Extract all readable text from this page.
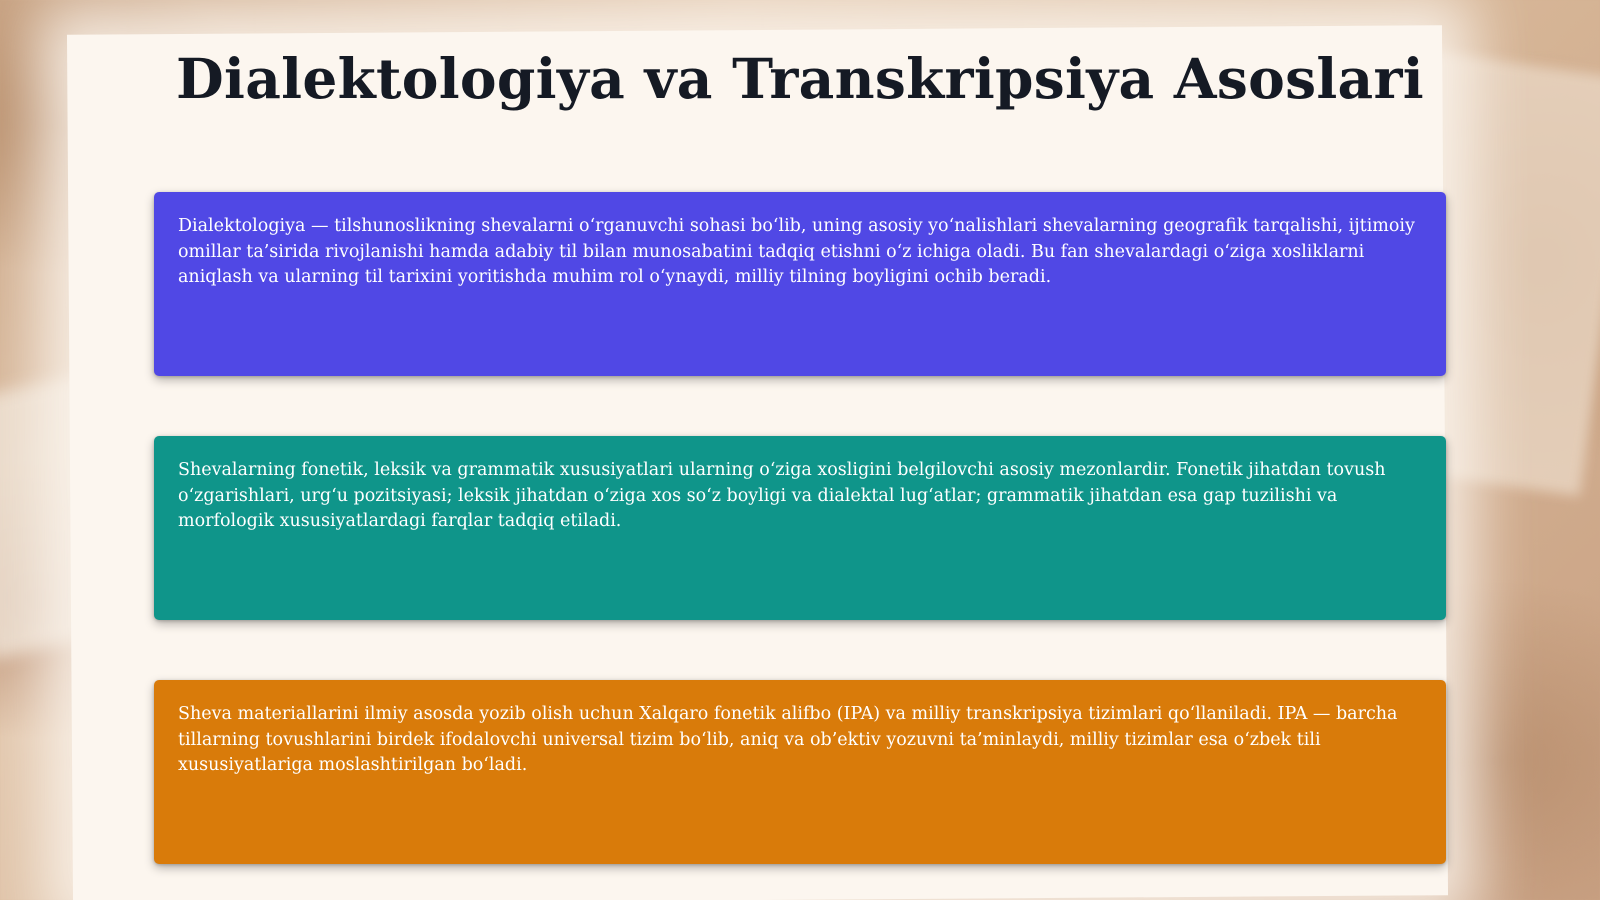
Dialektologiya va Transkripsiya Asoslari

Dialektologiya — tilshunoslikning shevalarni o‘rganuvchi sohasi bo‘lib, uning asosiy yo‘nalishlari shevalarning geografik tarqalishi, ijtimoiy omillar ta’sirida rivojlanishi hamda adabiy til bilan munosabatini tadqiq etishni o‘z ichiga oladi. Bu fan shevalardagi o‘ziga xosliklarni aniqlash va ularning til tarixini yoritishda muhim rol o‘ynaydi, milliy tilning boyligini ochib beradi.

Shevalarning fonetik, leksik va grammatik xususiyatlari ularning o‘ziga xosligini belgilovchi asosiy mezonlardir. Fonetik jihatdan tovush o‘zgarishlari, urg‘u pozitsiyasi; leksik jihatdan o‘ziga xos so‘z boyligi va dialektal lug‘atlar; grammatik jihatdan esa gap tuzilishi va morfologik xususiyatlardagi farqlar tadqiq etiladi.

Sheva materiallarini ilmiy asosda yozib olish uchun Xalqaro fonetik alifbo (IPA) va milliy transkripsiya tizimlari qo‘llaniladi. IPA — barcha tillarning tovushlarini birdek ifodalovchi universal tizim bo‘lib, aniq va ob’ektiv yozuvni ta’minlaydi, milliy tizimlar esa o‘zbek tili xususiyatlariga moslashtirilgan bo‘ladi.
